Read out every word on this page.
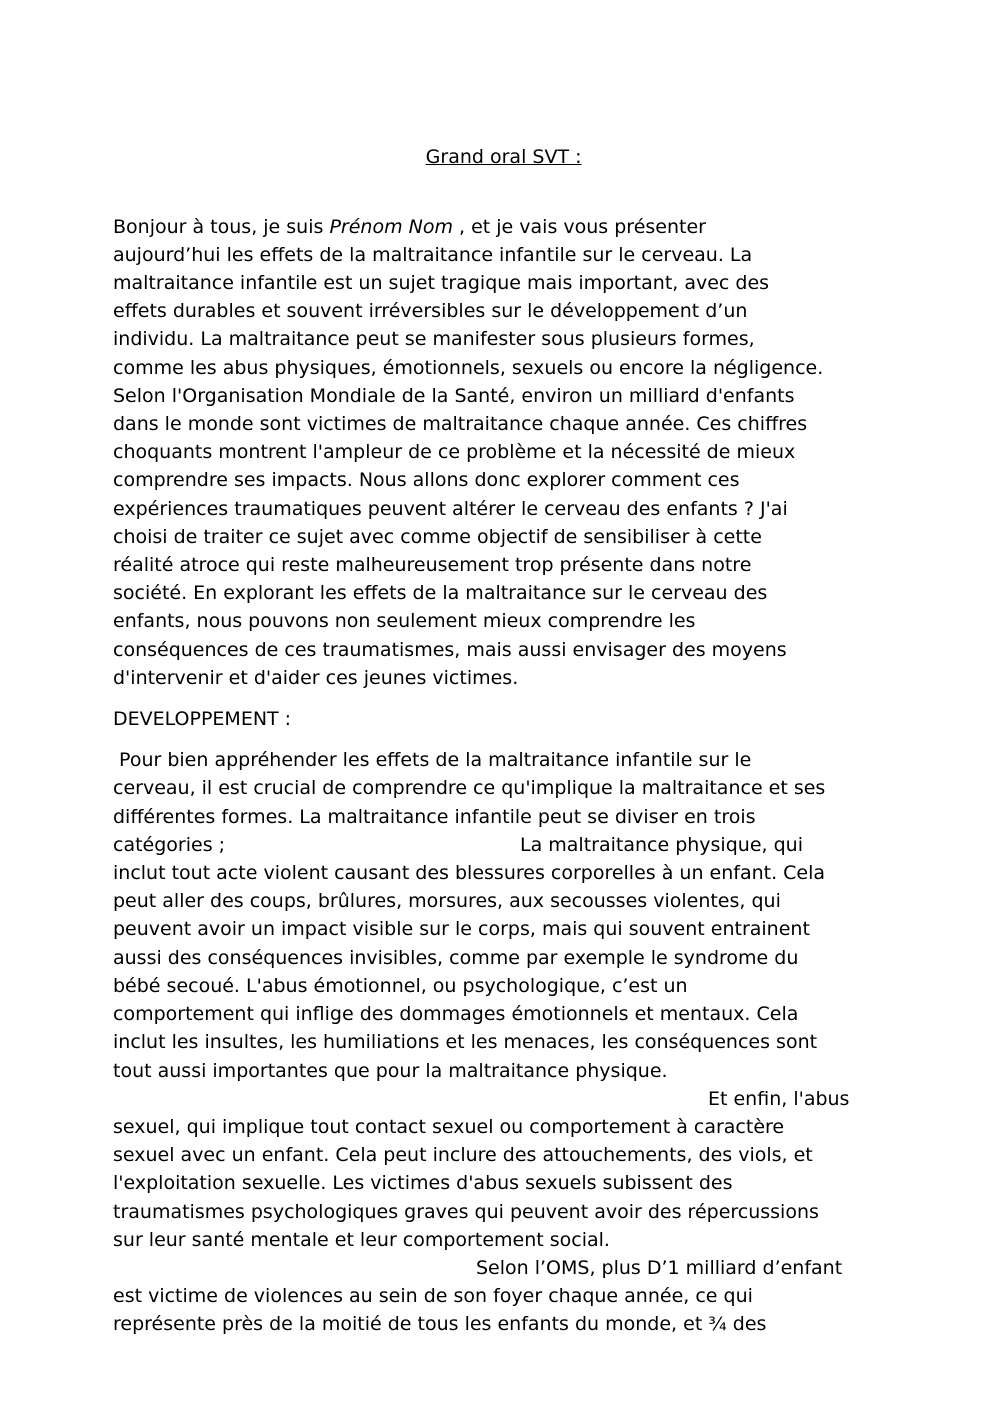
Grand oral SVT :

Bonjour à tous, je suis Prénom Nom , et je vais vous présenter
aujourd’hui les effets de la maltraitance infantile sur le cerveau. La
maltraitance infantile est un sujet tragique mais important, avec des
effets durables et souvent irréversibles sur le développement d’un
individu. La maltraitance peut se manifester sous plusieurs formes,
comme les abus physiques, émotionnels, sexuels ou encore la négligence.
Selon l'Organisation Mondiale de la Santé, environ un milliard d'enfants
dans le monde sont victimes de maltraitance chaque année. Ces chiffres
choquants montrent l'ampleur de ce problème et la nécessité de mieux
comprendre ses impacts. Nous allons donc explorer comment ces
expériences traumatiques peuvent altérer le cerveau des enfants ? J'ai
choisi de traiter ce sujet avec comme objectif de sensibiliser à cette
réalité atroce qui reste malheureusement trop présente dans notre
société. En explorant les effets de la maltraitance sur le cerveau des
enfants, nous pouvons non seulement mieux comprendre les
conséquences de ces traumatismes, mais aussi envisager des moyens
d'intervenir et d'aider ces jeunes victimes.
DEVELOPPEMENT :
Pour bien appréhender les effets de la maltraitance infantile sur le
cerveau, il est crucial de comprendre ce qu'implique la maltraitance et ses
différentes formes. La maltraitance infantile peut se diviser en trois
catégories ;	La maltraitance physique, qui
inclut tout acte violent causant des blessures corporelles à un enfant. Cela
peut aller des coups, brûlures, morsures, aux secousses violentes, qui
peuvent avoir un impact visible sur le corps, mais qui souvent entrainent
aussi des conséquences invisibles, comme par exemple le syndrome du
bébé secoué. L'abus émotionnel, ou psychologique, c’est un
comportement qui inflige des dommages émotionnels et mentaux. Cela
inclut les insultes, les humiliations et les menaces, les conséquences sont
tout aussi importantes que pour la maltraitance physique.
Et enfin, l'abus
sexuel, qui implique tout contact sexuel ou comportement à caractère
sexuel avec un enfant. Cela peut inclure des attouchements, des viols, et
l'exploitation sexuelle. Les victimes d'abus sexuels subissent des
traumatismes psychologiques graves qui peuvent avoir des répercussions
sur leur santé mentale et leur comportement social.
Selon l’OMS, plus D’1 milliard d’enfant
est victime de violences au sein de son foyer chaque année, ce qui
représente près de la moitié de tous les enfants du monde, et ¾ des
